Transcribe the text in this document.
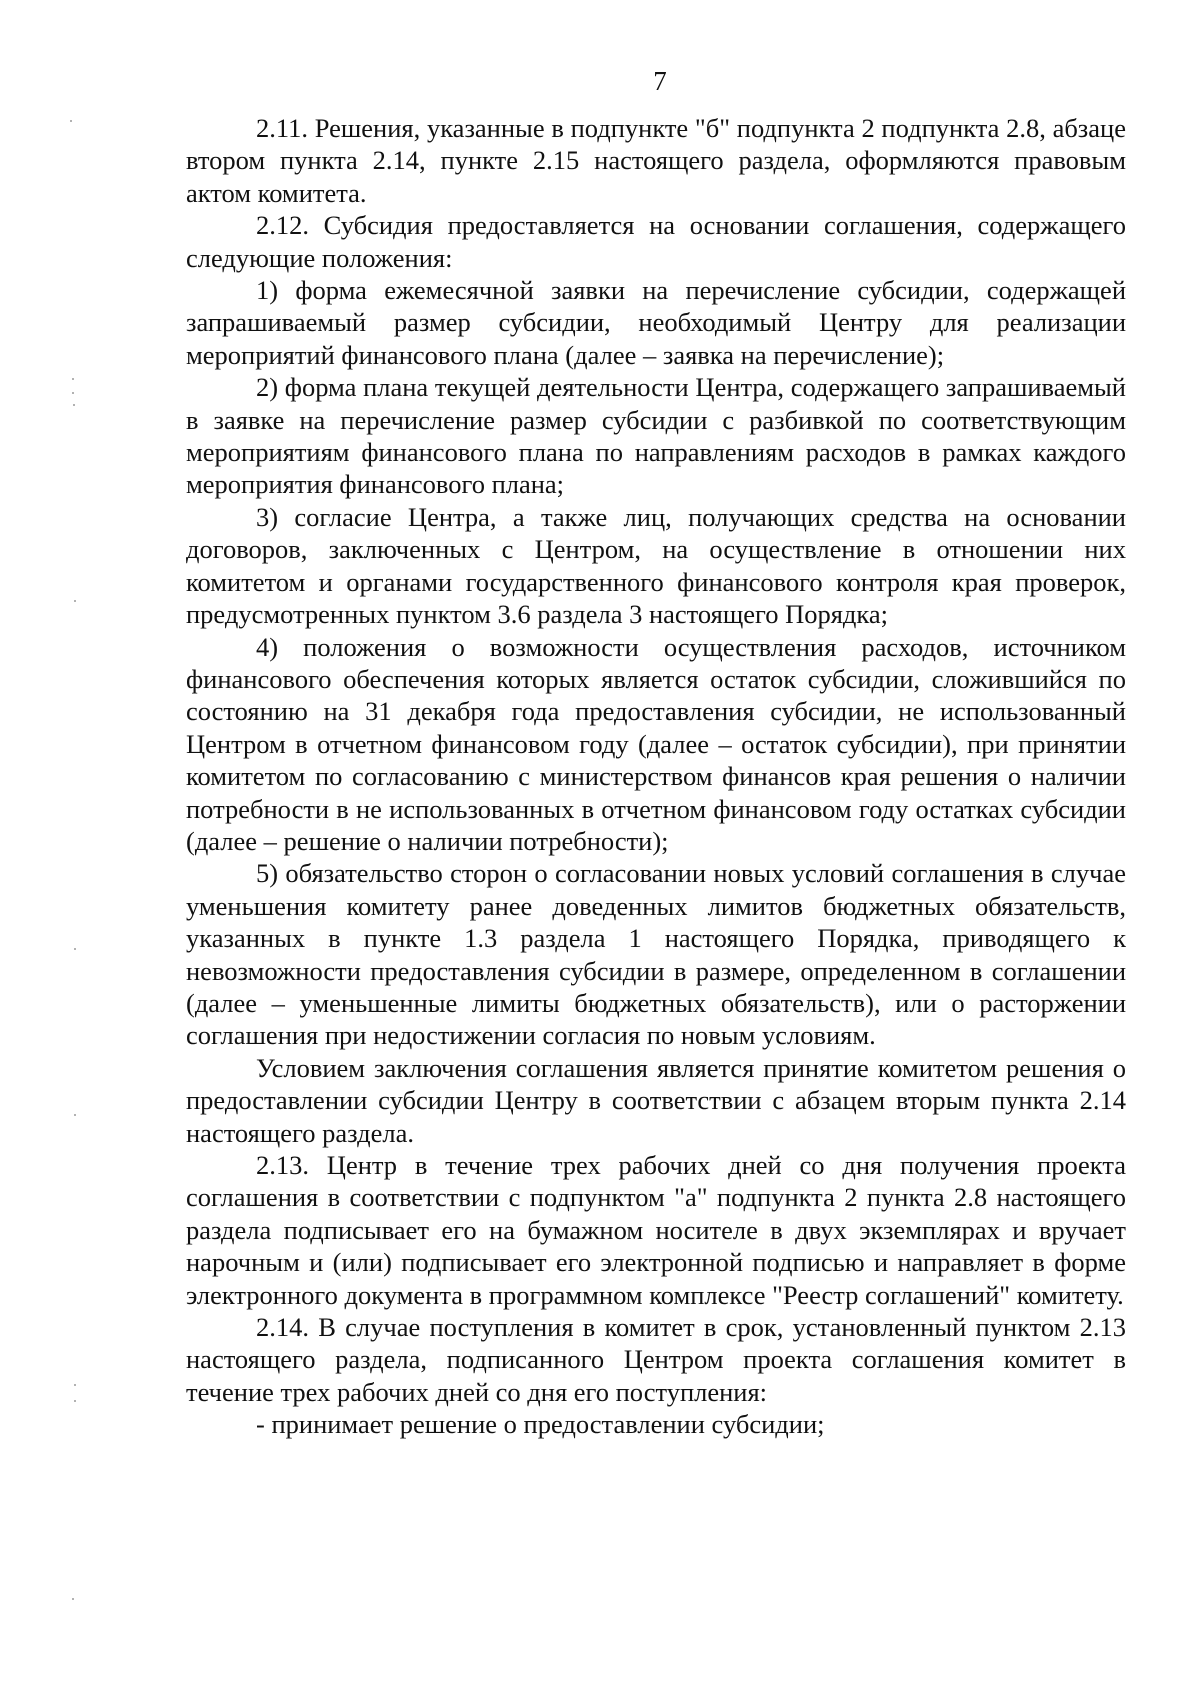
7

2.11. Решения, указанные в подпункте "б" подпункта 2 подпункта 2.8, абзаце втором пункта 2.14, пункте 2.15 настоящего раздела, оформляются правовым актом комитета.

2.12. Субсидия предоставляется на основании соглашения, содержащего следующие положения:

1) форма ежемесячной заявки на перечисление субсидии, содержащей запрашиваемый размер субсидии, необходимый Центру для реализации мероприятий финансового плана (далее – заявка на перечисление);

2) форма плана текущей деятельности Центра, содержащего запрашиваемый в заявке на перечисление размер субсидии с разбивкой по соответствующим мероприятиям финансового плана по направлениям расходов в рамках каждого мероприятия финансового плана;

3) согласие Центра, а также лиц, получающих средства на основании договоров, заключенных с Центром, на осуществление в отношении них комитетом и органами государственного финансового контроля края проверок, предусмотренных пунктом 3.6 раздела 3 настоящего Порядка;

4) положения о возможности осуществления расходов, источником финансового обеспечения которых является остаток субсидии, сложившийся по состоянию на 31 декабря года предоставления субсидии, не использованный Центром в отчетном финансовом году (далее – остаток субсидии), при принятии комитетом по согласованию с министерством финансов края решения о наличии потребности в не использованных в отчетном финансовом году остатках субсидии (далее – решение о наличии потребности);

5) обязательство сторон о согласовании новых условий соглашения в случае уменьшения комитету ранее доведенных лимитов бюджетных обязательств, указанных в пункте 1.3 раздела 1 настоящего Порядка, приводящего к невозможности предоставления субсидии в размере, определенном в соглашении (далее – уменьшенные лимиты бюджетных обязательств), или о расторжении соглашения при недостижении согласия по новым условиям.

Условием заключения соглашения является принятие комитетом решения о предоставлении субсидии Центру в соответствии с абзацем вторым пункта 2.14 настоящего раздела.

2.13. Центр в течение трех рабочих дней со дня получения проекта соглашения в соответствии с подпунктом "а" подпункта 2 пункта 2.8 настоящего раздела подписывает его на бумажном носителе в двух экземплярах и вручает нарочным и (или) подписывает его электронной подписью и направляет в форме электронного документа в программном комплексе "Реестр соглашений" комитету.

2.14. В случае поступления в комитет в срок, установленный пунктом 2.13 настоящего раздела, подписанного Центром проекта соглашения комитет в течение трех рабочих дней со дня его поступления:

- принимает решение о предоставлении субсидии;
